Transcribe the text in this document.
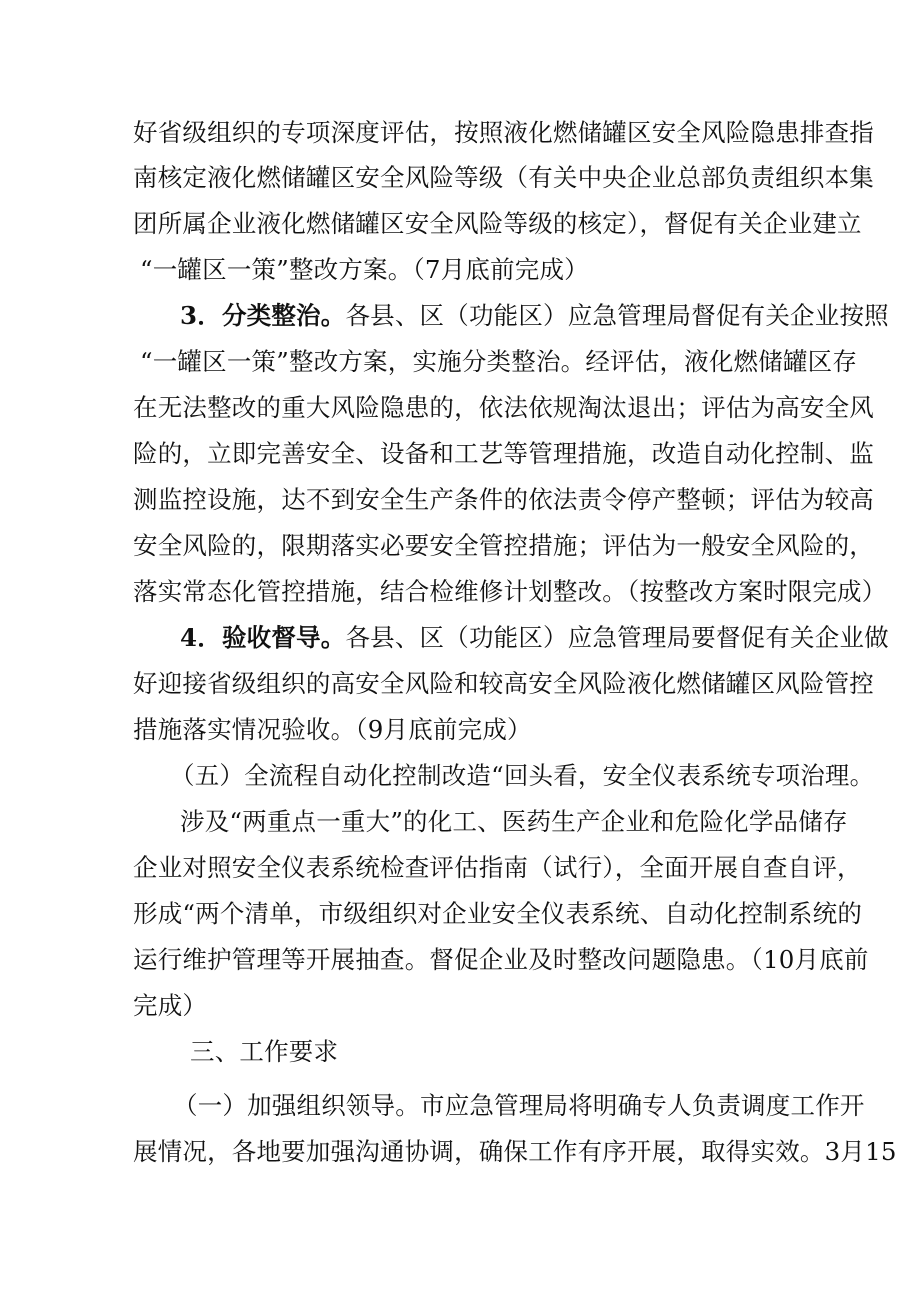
好省级组织的专项深度评估，按照液化燃储罐区安全风险隐患排查指
南核定液化燃储罐区安全风险等级（有关中央企业总部负责组织本集
团所属企业液化燃储罐区安全风险等级的核定），督促有关企业建立
“一罐区一策”整改方案。（7月底前完成）
3．分类整治。各县、区（功能区）应急管理局督促有关企业按照
“一罐区一策”整改方案，实施分类整治。经评估，液化燃储罐区存
在无法整改的重大风险隐患的，依法依规淘汰退出；评估为高安全风
险的，立即完善安全、设备和工艺等管理措施，改造自动化控制、监
测监控设施，达不到安全生产条件的依法责令停产整顿；评估为较高
安全风险的，限期落实必要安全管控措施；评估为一般安全风险的，
落实常态化管控措施，结合检维修计划整改。（按整改方案时限完成）
4．验收督导。各县、区（功能区）应急管理局要督促有关企业做
好迎接省级组织的高安全风险和较高安全风险液化燃储罐区风险管控
措施落实情况验收。（9月底前完成）
（五）全流程自动化控制改造“回头看，安全仪表系统专项治理。
涉及“两重点一重大”的化工、医药生产企业和危险化学品储存
企业对照安全仪表系统检查评估指南（试行），全面开展自查自评，
形成“两个清单，市级组织对企业安全仪表系统、自动化控制系统的
运行维护管理等开展抽查。督促企业及时整改问题隐患。（10月底前
完成）
三、工作要求
（一）加强组织领导。市应急管理局将明确专人负责调度工作开
展情况，各地要加强沟通协调，确保工作有序开展，取得实效。3月15
